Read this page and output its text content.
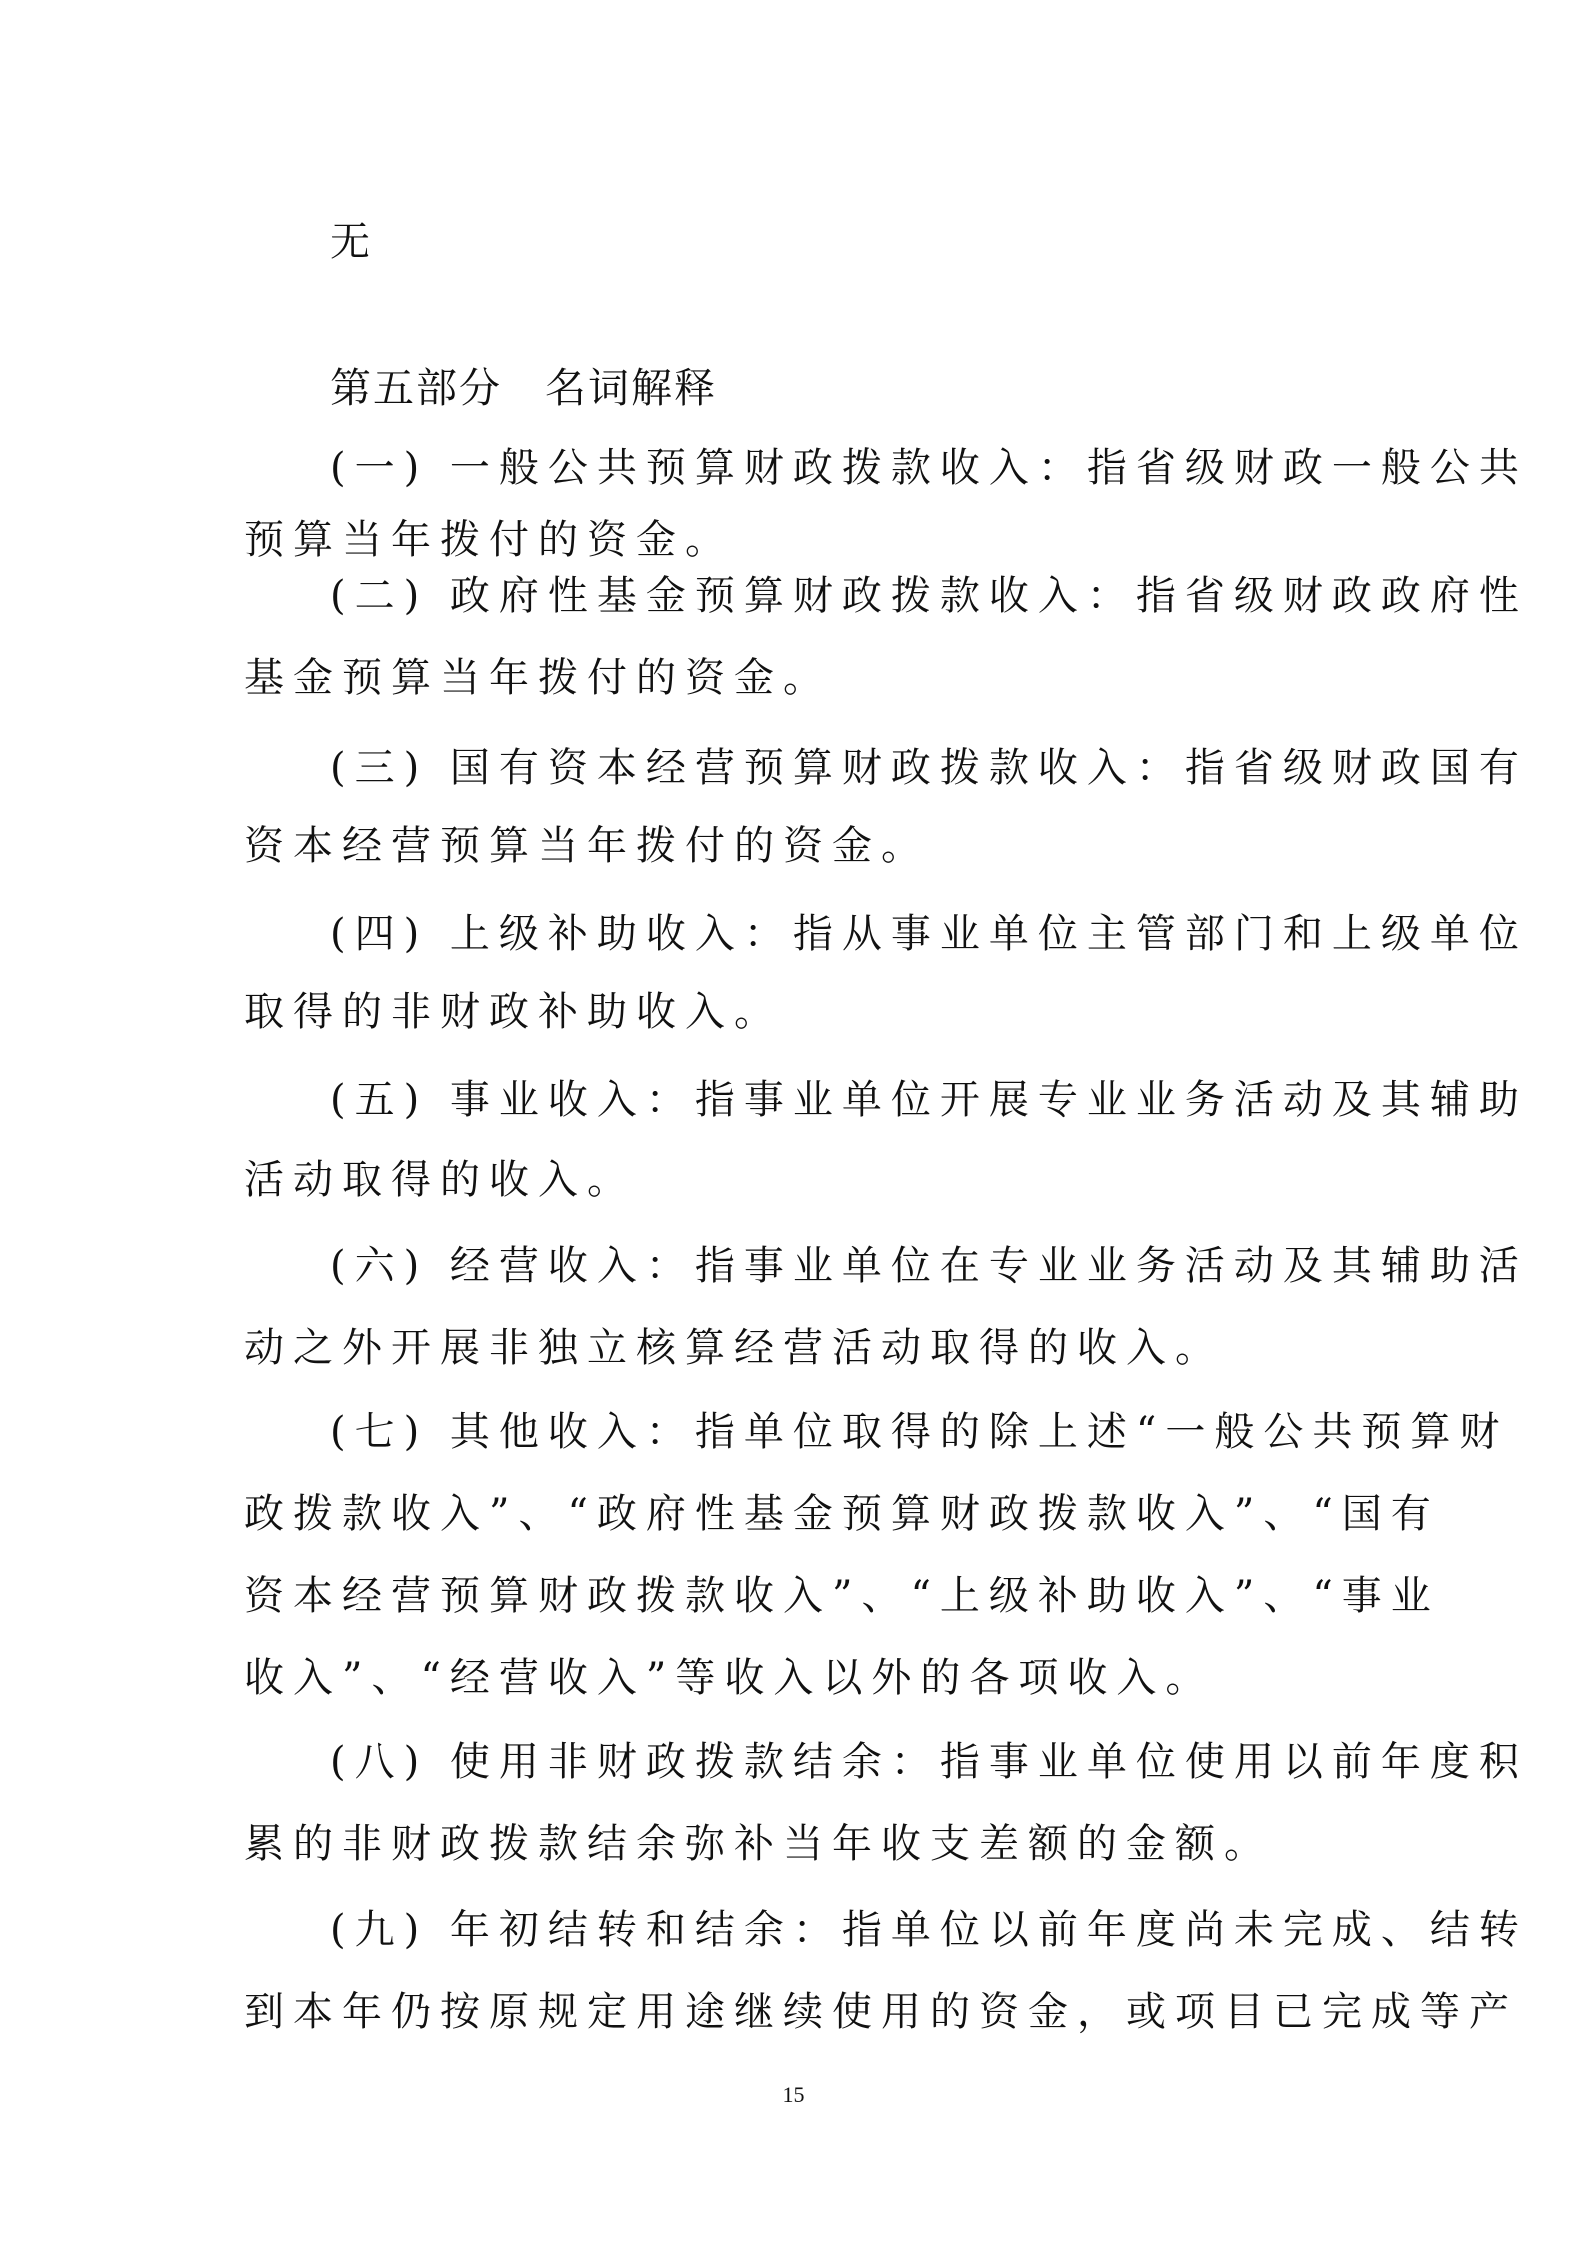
无
第五部分　名词解释
(一) 一般公共预算财政拨款收入：指省级财政一般公共
预算当年拨付的资金。
(二) 政府性基金预算财政拨款收入：指省级财政政府性
基金预算当年拨付的资金。
(三) 国有资本经营预算财政拨款收入：指省级财政国有
资本经营预算当年拨付的资金。
(四) 上级补助收入：指从事业单位主管部门和上级单位
取得的非财政补助收入。
(五) 事业收入：指事业单位开展专业业务活动及其辅助
活动取得的收入。
(六) 经营收入：指事业单位在专业业务活动及其辅助活
动之外开展非独立核算经营活动取得的收入。
(七) 其他收入：指单位取得的除上述“一般公共预算财
政拨款收入”、“政府性基金预算财政拨款收入”、“国有
资本经营预算财政拨款收入”、“上级补助收入”、“事业
收入”、“经营收入”等收入以外的各项收入。
(八) 使用非财政拨款结余：指事业单位使用以前年度积
累的非财政拨款结余弥补当年收支差额的金额。
(九) 年初结转和结余：指单位以前年度尚未完成、结转
到本年仍按原规定用途继续使用的资金，或项目已完成等产
15
